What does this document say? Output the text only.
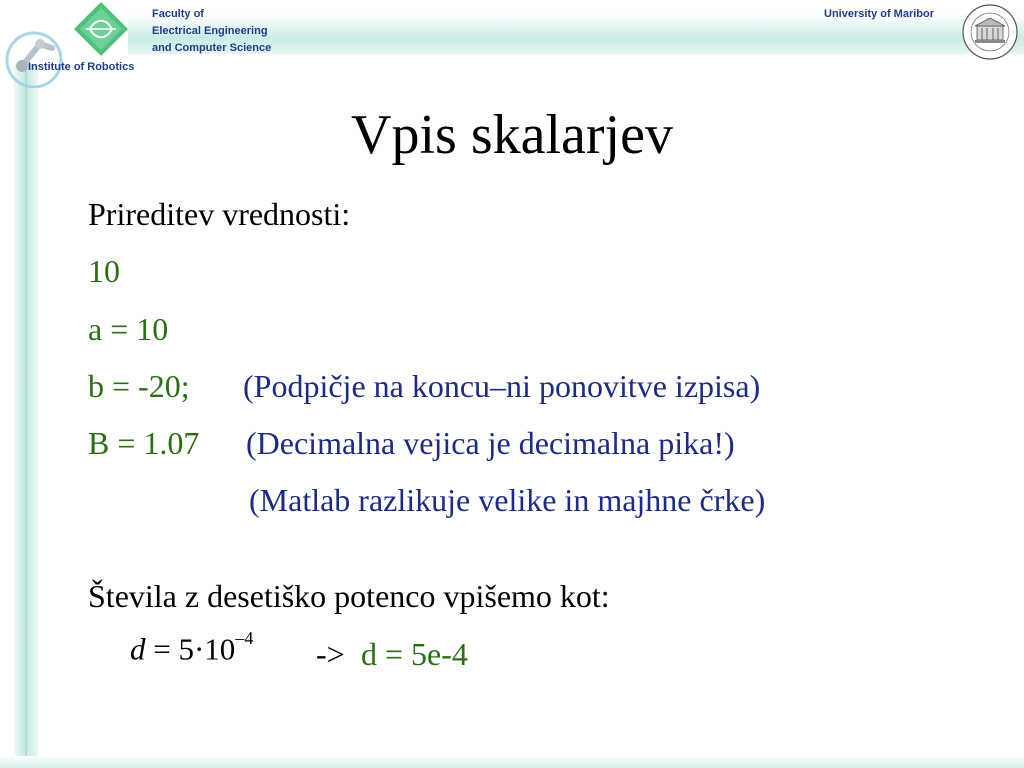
Institute of Robotics
Faculty of
Electrical Engineering
and Computer Science
University of Maribor
Vpis skalarjev
Prireditev vrednosti:
10
a = 10
b = -20; (Podpičje na koncu–ni ponovitve izpisa)
B = 1.07 (Decimalna vejica je decimalna pika!)
(Matlab razlikuje velike in majhne črke)
Števila z desetiško potenco vpišemo kot:
$d = 5\cdot 10^{-4} -> d = 5e-4$
